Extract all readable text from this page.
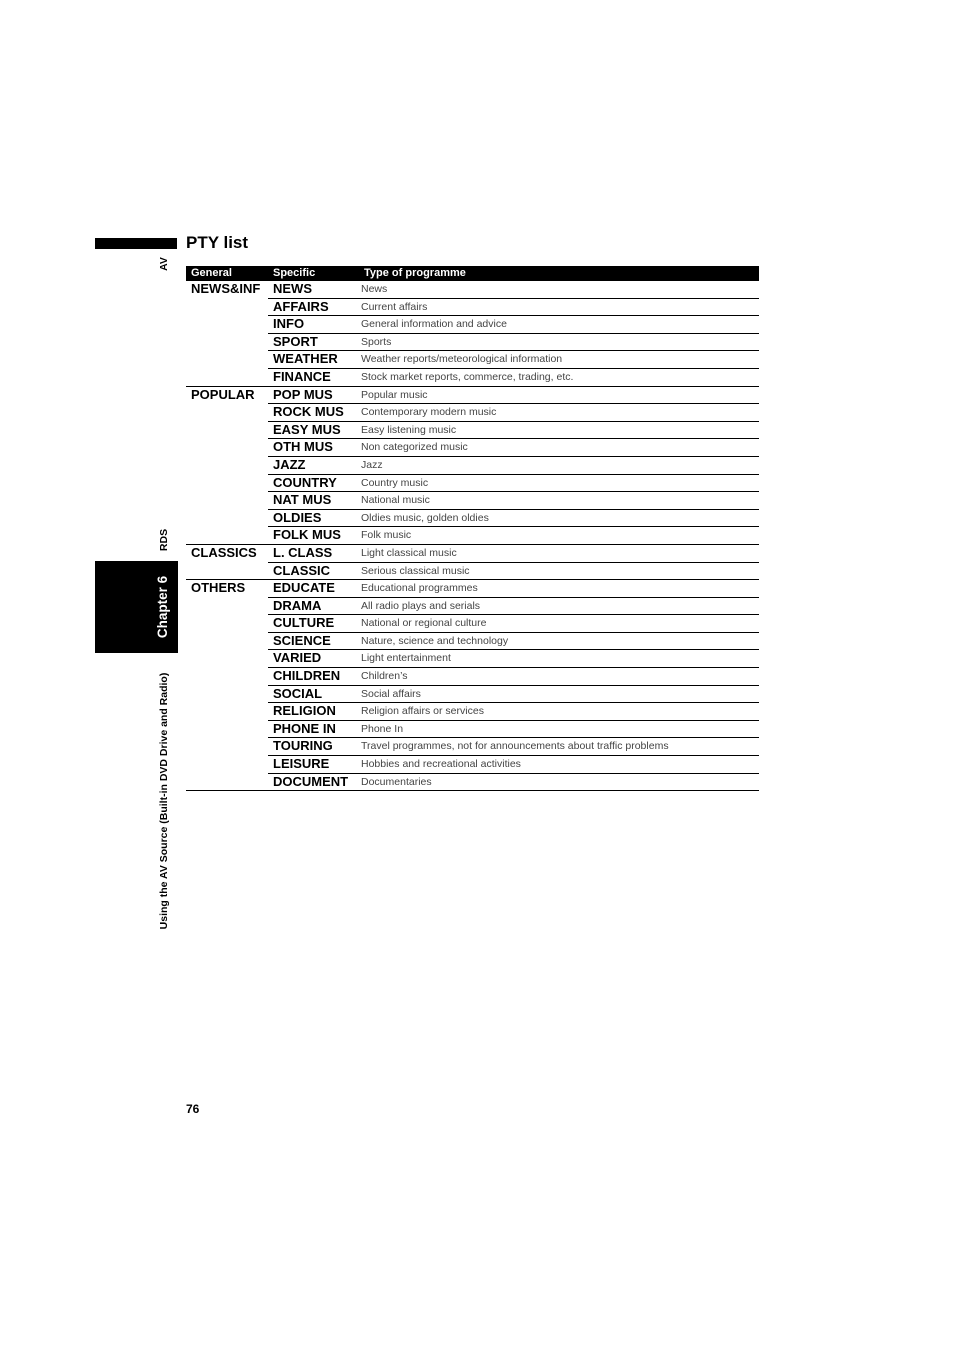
PTY list
AV
RDS
Chapter 6
Using the AV Source (Built-in DVD Drive and Radio)
General	Specific	Type of programme
NEWS&INF	NEWS	News
	AFFAIRS	Current affairs
	INFO	General information and advice
	SPORT	Sports
	WEATHER	Weather reports/meteorological information
	FINANCE	Stock market reports, commerce, trading, etc.
POPULAR	POP MUS	Popular music
	ROCK MUS	Contemporary modern music
	EASY MUS	Easy listening music
	OTH MUS	Non categorized music
	JAZZ	Jazz
	COUNTRY	Country music
	NAT MUS	National music
	OLDIES	Oldies music, golden oldies
	FOLK MUS	Folk music
CLASSICS	L. CLASS	Light classical music
	CLASSIC	Serious classical music
OTHERS	EDUCATE	Educational programmes
	DRAMA	All radio plays and serials
	CULTURE	National or regional culture
	SCIENCE	Nature, science and technology
	VARIED	Light entertainment
	CHILDREN	Children’s
	SOCIAL	Social affairs
	RELIGION	Religion affairs or services
	PHONE IN	Phone In
	TOURING	Travel programmes, not for announcements about traffic problems
	LEISURE	Hobbies and recreational activities
	DOCUMENT	Documentaries
76
